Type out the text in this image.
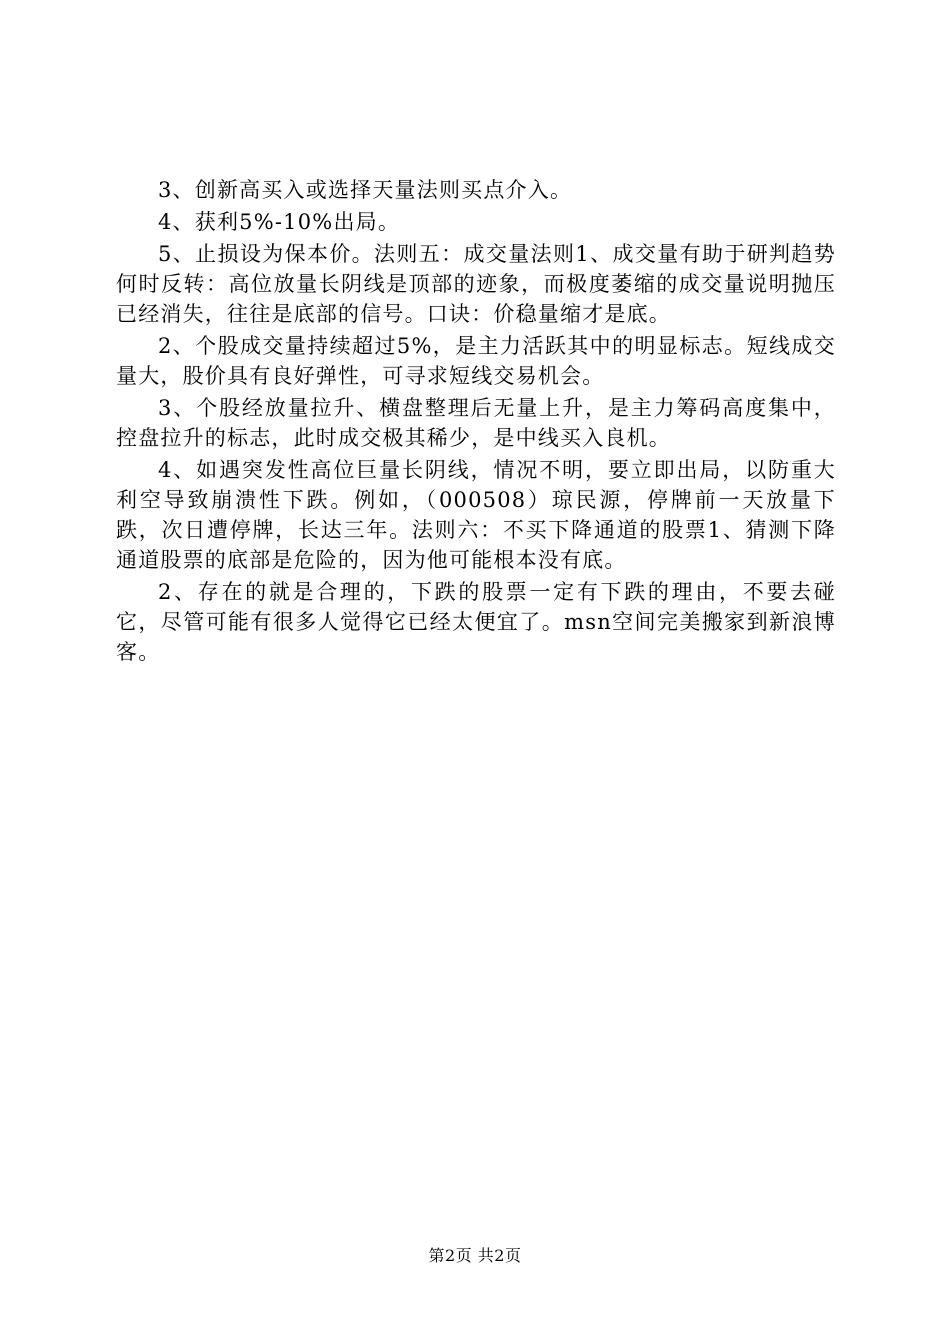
3、创新高买入或选择天量法则买点介入。

4、获利5%-10%出局。

5、止损设为保本价。法则五：成交量法则1、成交量有助于研判趋势何时反转：高位放量长阴线是顶部的迹象，而极度萎缩的成交量说明抛压已经消失，往往是底部的信号。口诀：价稳量缩才是底。

2、个股成交量持续超过5%，是主力活跃其中的明显标志。短线成交量大，股价具有良好弹性，可寻求短线交易机会。

3、个股经放量拉升、横盘整理后无量上升，是主力筹码高度集中，控盘拉升的标志，此时成交极其稀少，是中线买入良机。

4、如遇突发性高位巨量长阴线，情况不明，要立即出局，以防重大利空导致崩溃性下跌。例如，（000508）琼民源，停牌前一天放量下跌，次日遭停牌，长达三年。法则六：不买下降通道的股票1、猜测下降通道股票的底部是危险的，因为他可能根本没有底。

2、存在的就是合理的，下跌的股票一定有下跌的理由，不要去碰它，尽管可能有很多人觉得它已经太便宜了。msn空间完美搬家到新浪博客。

第2页 共2页
